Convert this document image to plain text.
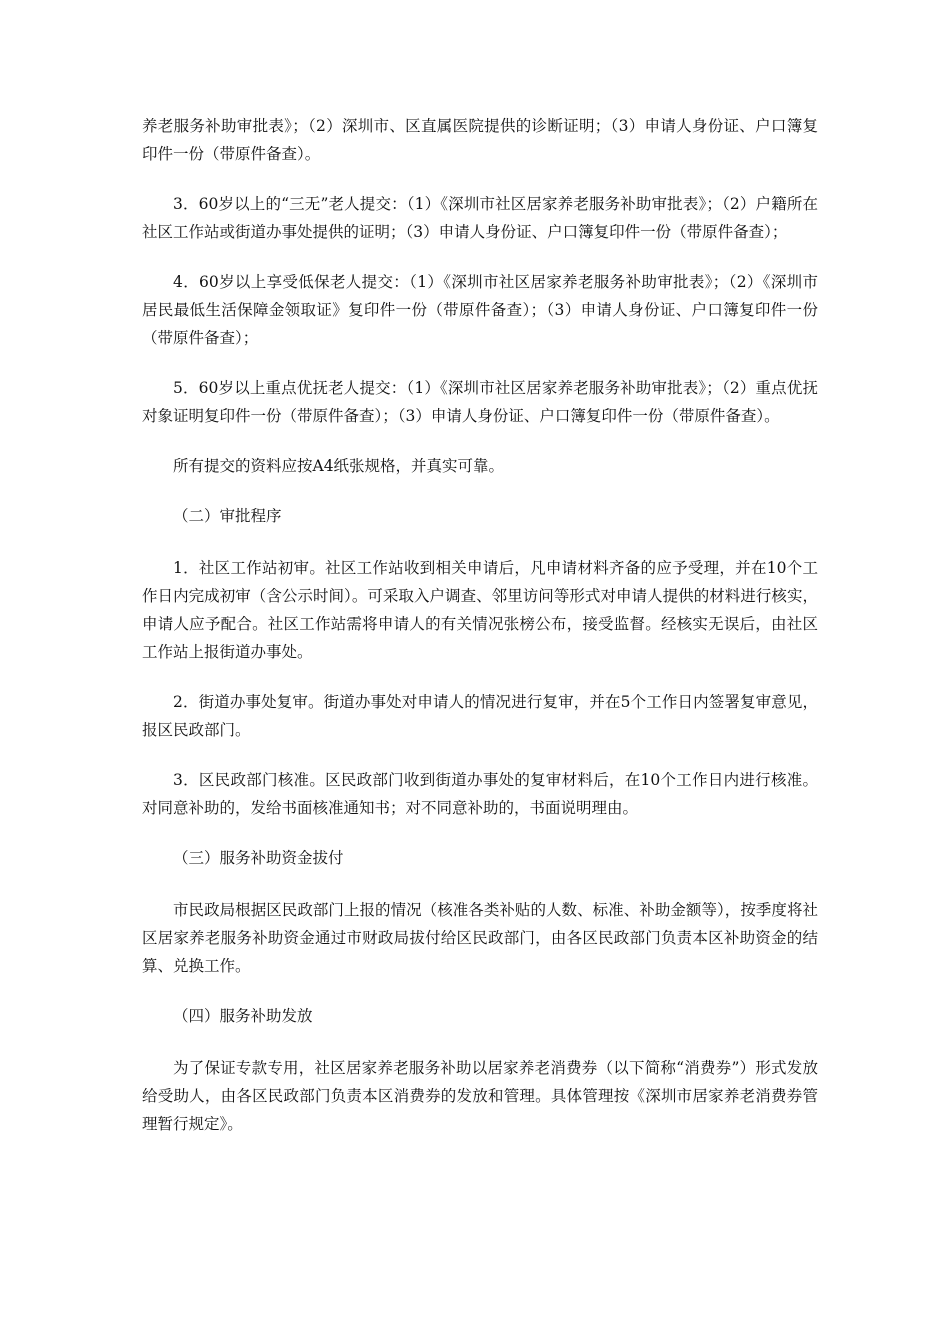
养老服务补助审批表》；（2）深圳市、区直属医院提供的诊断证明；（3）申请人身份证、户口簿复印件一份（带原件备查）。

3．60岁以上的“三无”老人提交：（1）《深圳市社区居家养老服务补助审批表》；（2）户籍所在社区工作站或街道办事处提供的证明；（3）申请人身份证、户口簿复印件一份（带原件备查）；

4．60岁以上享受低保老人提交：（1）《深圳市社区居家养老服务补助审批表》；（2）《深圳市居民最低生活保障金领取证》复印件一份（带原件备查）；（3）申请人身份证、户口簿复印件一份（带原件备查）；

5．60岁以上重点优抚老人提交：（1）《深圳市社区居家养老服务补助审批表》；（2）重点优抚对象证明复印件一份（带原件备查）；（3）申请人身份证、户口簿复印件一份（带原件备查）。

所有提交的资料应按A4纸张规格，并真实可靠。

（二）审批程序

1．社区工作站初审。社区工作站收到相关申请后，凡申请材料齐备的应予受理，并在10个工作日内完成初审（含公示时间）。可采取入户调查、邻里访问等形式对申请人提供的材料进行核实，申请人应予配合。社区工作站需将申请人的有关情况张榜公布，接受监督。经核实无误后，由社区工作站上报街道办事处。

2．街道办事处复审。街道办事处对申请人的情况进行复审，并在5个工作日内签署复审意见，报区民政部门。

3．区民政部门核准。区民政部门收到街道办事处的复审材料后，在10个工作日内进行核准。对同意补助的，发给书面核准通知书；对不同意补助的，书面说明理由。

（三）服务补助资金拔付

市民政局根据区民政部门上报的情况（核准各类补贴的人数、标准、补助金额等），按季度将社区居家养老服务补助资金通过市财政局拔付给区民政部门，由各区民政部门负责本区补助资金的结算、兑换工作。

（四）服务补助发放

为了保证专款专用，社区居家养老服务补助以居家养老消费券（以下简称“消费券”）形式发放给受助人，由各区民政部门负责本区消费券的发放和管理。具体管理按《深圳市居家养老消费券管理暂行规定》。
